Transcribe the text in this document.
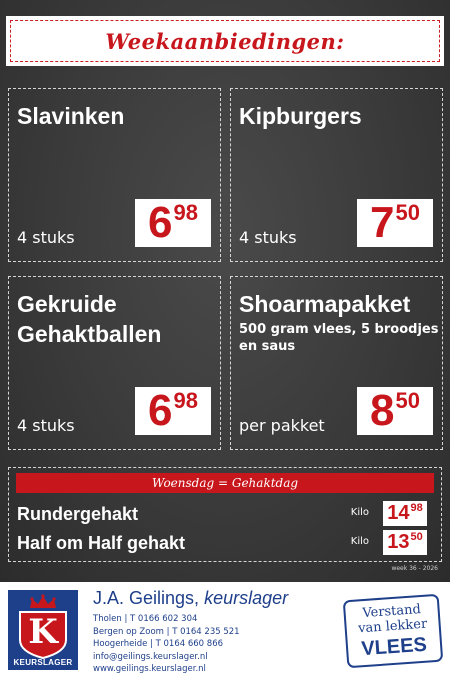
Weekaanbiedingen:
Slavinken
4 stuks 6 98
Kipburgers
4 stuks 7 50
Gekruide Gehaktballen
4 stuks 6 98
Shoarmapakket
500 gram vlees, 5 broodjes en saus
per pakket 8 50
Woensdag = Gehaktdag
Rundergehakt	Kilo 14 98
Half om Half gehakt	Kilo 13 50
week 36 - 2026
K
KEURSLAGER
J.A. Geilings, keurslager
Tholen | T 0166 602 304
Bergen op Zoom | T 0164 235 521
Hoogerheide | T 0164 660 866
info@geilings.keurslager.nl
www.geilings.keurslager.nl
Verstand
van lekker
VLEES
